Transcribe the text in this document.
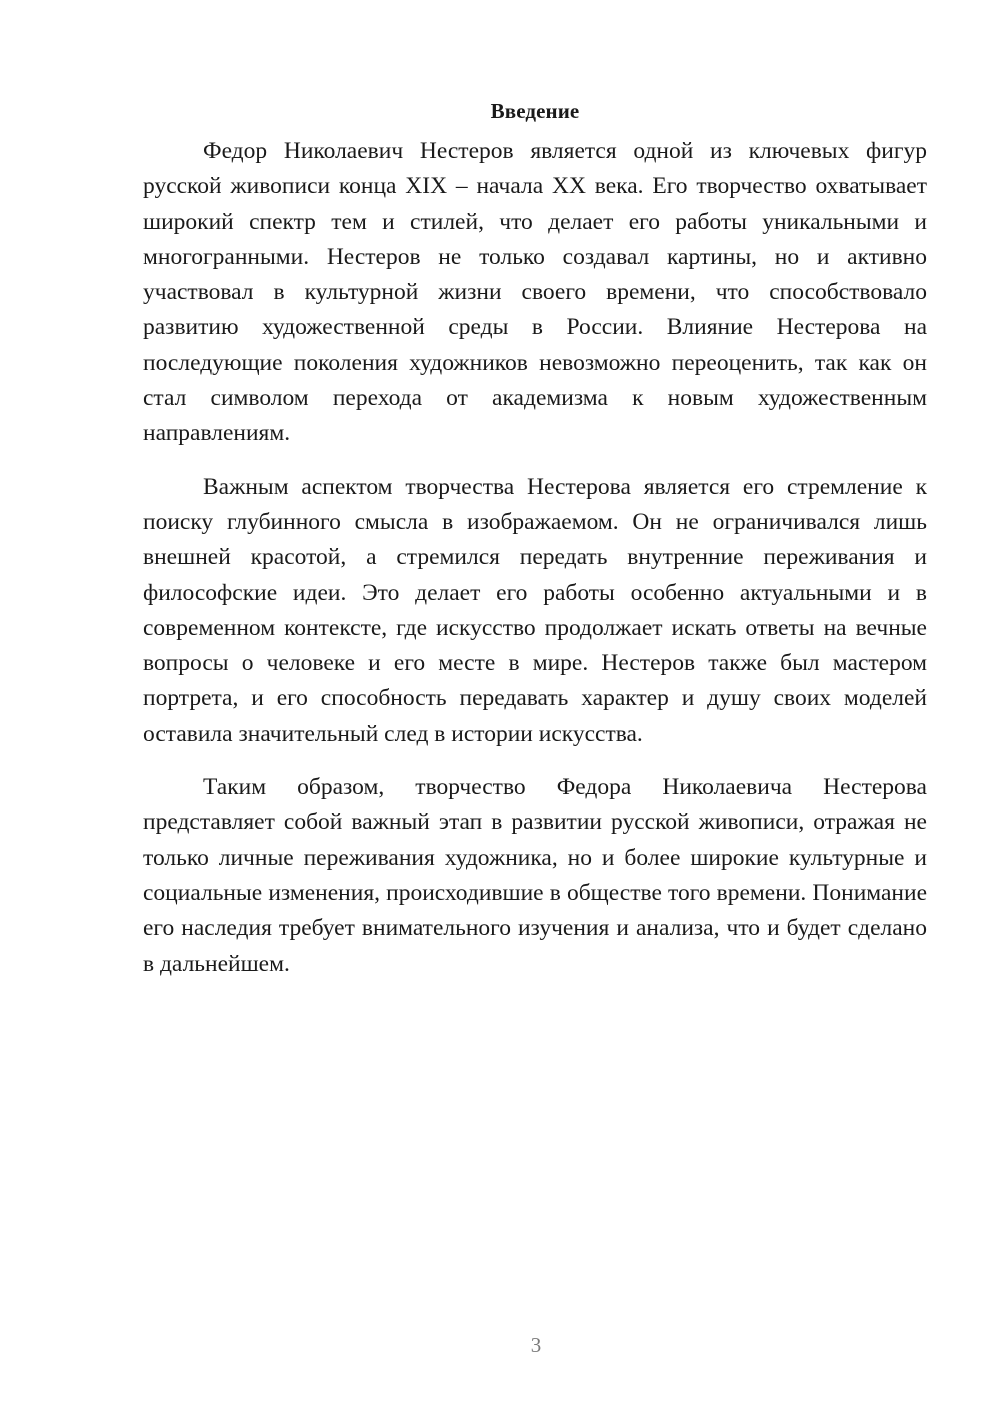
Введение

Федор Николаевич Нестеров является одной из ключевых фигур русской живописи конца XIX – начала XX века. Его творчество охватывает широкий спектр тем и стилей, что делает его работы уникальными и многогранными. Нестеров не только создавал картины, но и активно участвовал в культурной жизни своего времени, что способствовало развитию художественной среды в России. Влияние Нестерова на последующие поколения художников невозможно переоценить, так как он стал символом перехода от академизма к новым художественным направлениям.

Важным аспектом творчества Нестерова является его стремление к поиску глубинного смысла в изображаемом. Он не ограничивался лишь внешней красотой, а стремился передать внутренние переживания и философские идеи. Это делает его работы особенно актуальными и в современном контексте, где искусство продолжает искать ответы на вечные вопросы о человеке и его месте в мире. Нестеров также был мастером портрета, и его способность передавать характер и душу своих моделей оставила значительный след в истории искусства.

Таким образом, творчество Федора Николаевича Нестерова представляет собой важный этап в развитии русской живописи, отражая не только личные переживания художника, но и более широкие культурные и социальные изменения, происходившие в обществе того времени. Понимание его наследия требует внимательного изучения и анализа, что и будет сделано в дальнейшем.

3
